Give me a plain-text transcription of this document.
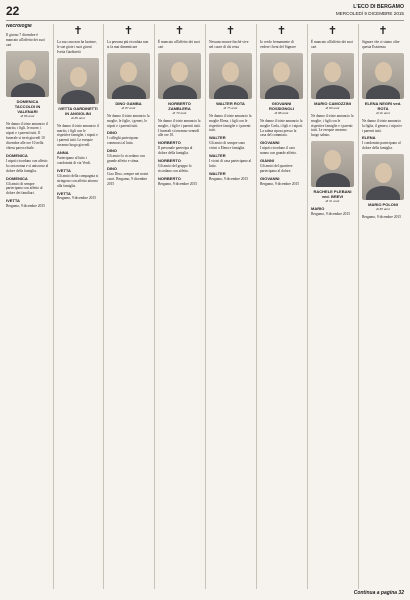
22	L'ECO DI BERGAMO
MERCOLEDÌ 9 DICEMBRE 2015
Necrologie

Il giorno 7 dicembre è mancato all'affetto dei suoi cari

DOMENICA TACCOLDI IN VALENARI
di 86 anni

Ne danno il triste annuncio il marito, i figli, le nuore, i nipoti e i parenti tutti. Il funerale si terrà giovedì 10 dicembre alle ore 10 nella chiesa parrocchiale.

DOMENICA

I nipoti ricordano con affetto la cara nonna e si uniscono al dolore della famiglia.

DOMENICA

Gli amici di sempre partecipano con affetto al dolore dei familiari.

IVETTA

Bergamo, 9 dicembre 2015

✝

La sua casa non ha lacrime, le sue gioie i suoi giorni Ivetta Gardinetti

IVETTA GARDINETTI IN ANGIOLINI
di 89 anni

Ne danno il triste annuncio il marito, i figli con le rispettive famiglie, i nipoti e i parenti tutti. Le esequie avranno luogo giovedì.

ANNA

Partecipano al lutto i condomini di via Verdi.

IVETTA

Gli amici della compagnia si stringono con affetto attorno alla famiglia.

IVETTA

Bergamo, 9 dicembre 2015

✝

La persona più ricordata non si fa mai dimenticare

DINO GAMBA
di 87 anni

Ne danno il triste annuncio la moglie, le figlie, i generi, le nipoti e i parenti tutti.

DINO

I colleghi partecipano commossi al lutto.

DINO

Gli amici lo ricordano con grande affetto e stima.

DINO

Ciao Dino, sempre nei nostri cuori. Bergamo, 9 dicembre 2015

✝

È mancato all'affetto dei suoi cari

NORBERTO ZAMBLERA
di 79 anni

Ne danno il triste annuncio la moglie, i figli e i parenti tutti. I funerali si terranno venerdì alle ore 10.

NORBERTO

Il personale partecipa al dolore della famiglia.

NORBERTO

Gli amici del gruppo lo ricordano con affetto.

NORBERTO

Bergamo, 9 dicembre 2015

✝

Nessuno muore finché vive nel cuore di chi resta

WALTER ROTA
di 75 anni

Ne danno il triste annuncio la moglie Elena, i figli con le rispettive famiglie e i parenti tutti.

WALTER

Gli amici di sempre sono vicini a Elena e famiglia.

WALTER

I vicini di casa partecipano al lutto.

WALTER

Bergamo, 9 dicembre 2015

✝

Io credo fermamente di vedere i beni del Signore

GIOVANNI ROSSIGNOLI
di 88 anni

Ne danno il triste annuncio la moglie Carla, i figli e i nipoti. La salma riposa presso la casa del commiato.

GIOVANNI

I nipoti ricordano il caro nonno con grande affetto.

GIANNI

Gli amici del quartiere partecipano al dolore.

GIOVANNI

Bergamo, 9 dicembre 2015

✝

È mancato all'affetto dei suoi cari

MARIO CAMOZZINI
di 89 anni

Ne danno il triste annuncio la moglie, i figli con le rispettive famiglie e i parenti tutti. Le esequie avranno luogo sabato.

RACHELE PLEBANI ved. BREVI
di 91 anni
MARIO

Bergamo, 9 dicembre 2015

✝

Signore che ci siamo oltre questa Esistenza

ELENA NEGRI ved. ROTA
di 92 anni

Ne danno il triste annuncio la figlia, il genero, i nipoti e i parenti tutti.

ELENA

I condomini partecipano al dolore della famiglia.

MARIO POLONI
di 83 anni

Bergamo, 9 dicembre 2015

Continua a pagina 32
